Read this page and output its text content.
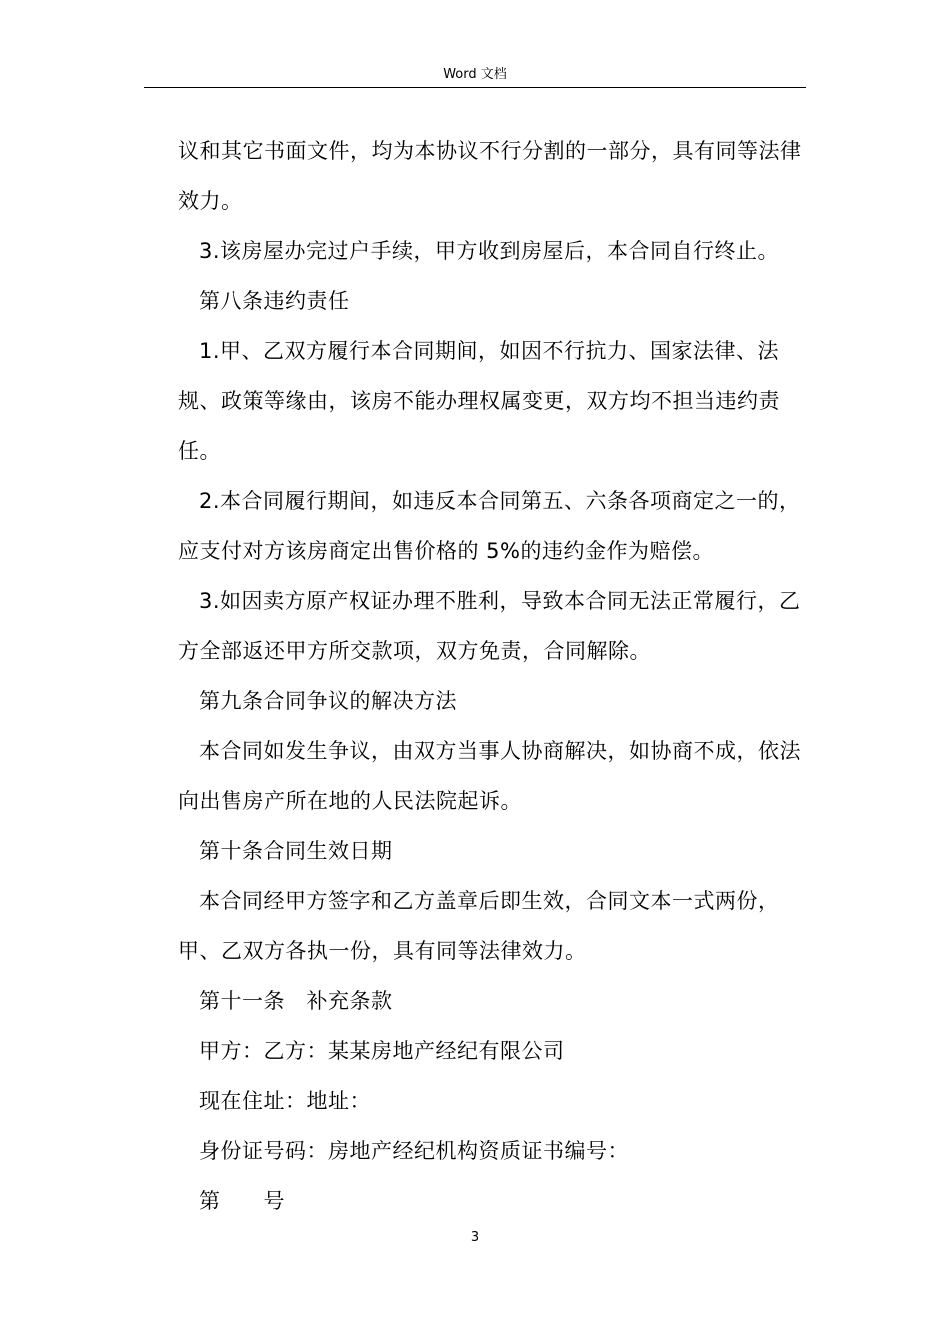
Word 文档

议和其它书面文件，均为本协议不行分割的一部分，具有同等法律效力。

3.该房屋办完过户手续，甲方收到房屋后，本合同自行终止。

第八条违约责任

1.甲、乙双方履行本合同期间，如因不行抗力、国家法律、法规、政策等缘由，该房不能办理权属变更，双方均不担当违约责任。

2.本合同履行期间，如违反本合同第五、六条各项商定之一的，应支付对方该房商定出售价格的 5%的违约金作为赔偿。

3.如因卖方原产权证办理不胜利，导致本合同无法正常履行，乙方全部返还甲方所交款项，双方免责，合同解除。

第九条合同争议的解决方法

本合同如发生争议，由双方当事人协商解决，如协商不成，依法向出售房产所在地的人民法院起诉。

第十条合同生效日期

本合同经甲方签字和乙方盖章后即生效，合同文本一式两份，甲、乙双方各执一份，具有同等法律效力。

第十一条　补充条款

甲方：乙方：某某房地产经纪有限公司

现在住址：地址：

身份证号码：房地产经纪机构资质证书编号：

第　　号

3
